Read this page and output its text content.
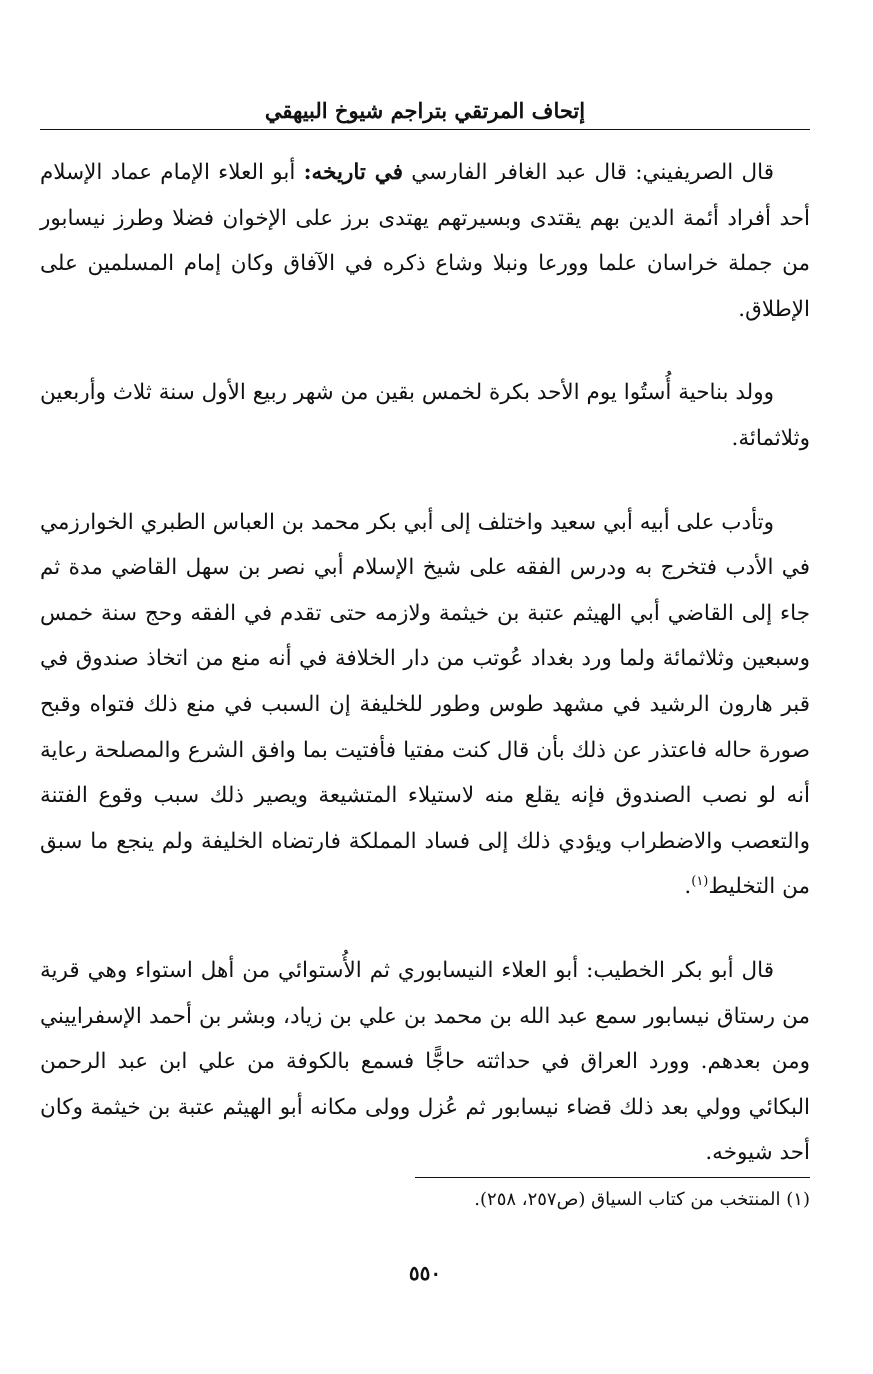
إتحاف المرتقي بتراجم شيوخ البيهقي

قال الصريفيني: قال عبد الغافر الفارسي في تاريخه: أبو العلاء الإمام عماد الإسلام أحد أفراد أئمة الدين بهم يقتدى وبسيرتهم يهتدى برز على الإخوان فضلا وطرز نيسابور من جملة خراسان علما وورعا ونبلا وشاع ذكره في الآفاق وكان إمام المسلمين على الإطلاق.

وولد بناحية أُستُوا يوم الأحد بكرة لخمس بقين من شهر ربيع الأول سنة ثلاث وأربعين وثلاثمائة.

وتأدب على أبيه أبي سعيد واختلف إلى أبي بكر محمد بن العباس الطبري الخوارزمي في الأدب فتخرج به ودرس الفقه على شيخ الإسلام أبي نصر بن سهل القاضي مدة ثم جاء إلى القاضي أبي الهيثم عتبة بن خيثمة ولازمه حتى تقدم في الفقه وحج سنة خمس وسبعين وثلاثمائة ولما ورد بغداد عُوتب من دار الخلافة في أنه منع من اتخاذ صندوق في قبر هارون الرشيد في مشهد طوس وطور للخليفة إن السبب في منع ذلك فتواه وقبح صورة حاله فاعتذر عن ذلك بأن قال كنت مفتيا فأفتيت بما وافق الشرع والمصلحة رعاية أنه لو نصب الصندوق فإنه يقلع منه لاستيلاء المتشيعة ويصير ذلك سبب وقوع الفتنة والتعصب والاضطراب ويؤدي ذلك إلى فساد المملكة فارتضاه الخليفة ولم ينجع ما سبق من التخليط$^{(١)}$.

قال أبو بكر الخطيب: أبو العلاء النيسابوري ثم الأُستوائي من أهل استواء وهي قرية من رستاق نيسابور سمع عبد الله بن محمد بن علي بن زياد، وبشر بن أحمد الإسفراييني ومن بعدهم. وورد العراق في حداثته حاجًّا فسمع بالكوفة من علي ابن عبد الرحمن البكائي وولي بعد ذلك قضاء نيسابور ثم عُزل وولى مكانه أبو الهيثم عتبة بن خيثمة وكان أحد شيوخه.

(١) المنتخب من كتاب السياق (ص٢٥٧، ٢٥٨).
٥٥٠
